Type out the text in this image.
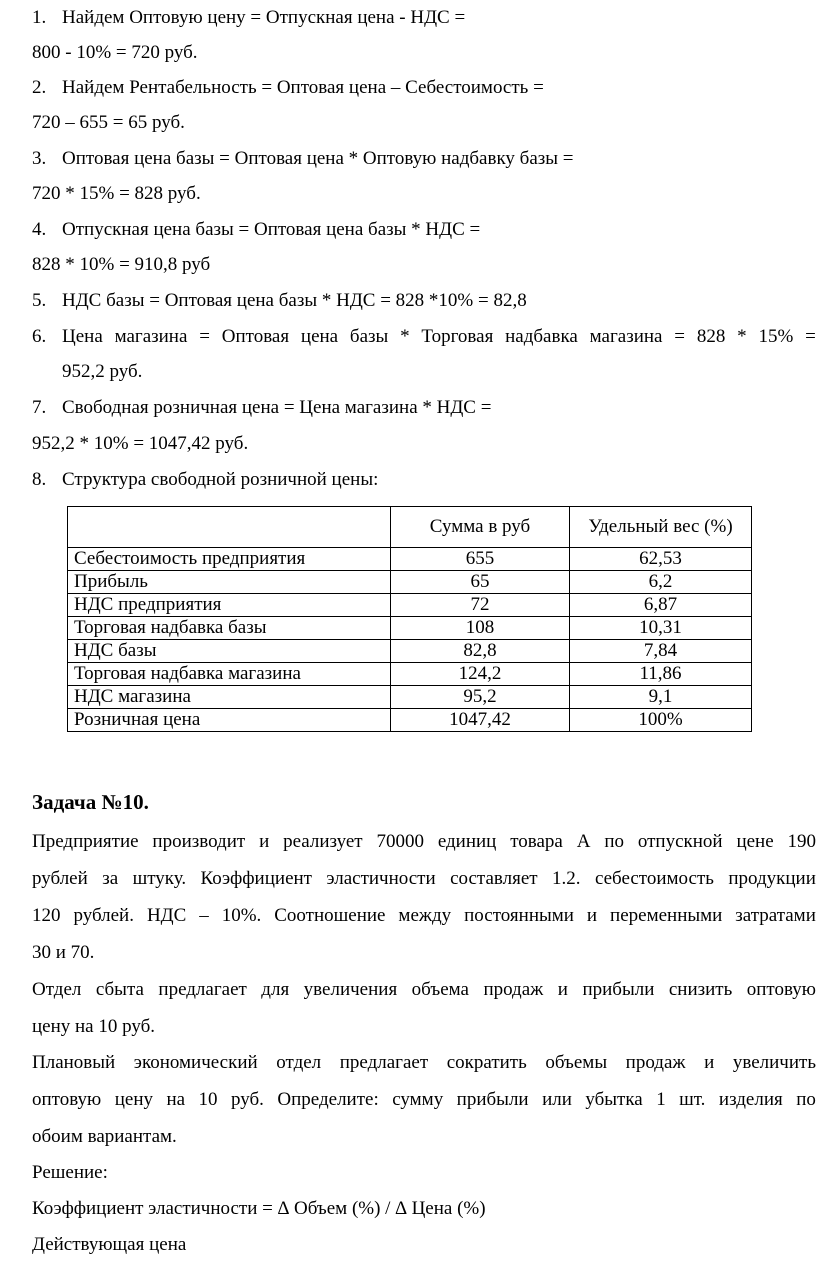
1. Найдем Оптовую цену = Отпускная цена - НДС =
800 - 10% = 720 руб.
2. Найдем Рентабельность = Оптовая цена – Себестоимость =
720 – 655 = 65 руб.
3. Оптовая цена базы = Оптовая цена * Оптовую надбавку базы =
720 * 15% = 828 руб.
4. Отпускная цена базы = Оптовая цена базы * НДС =
828 * 10% = 910,8 руб
5. НДС базы = Оптовая цена базы * НДС = 828 *10% = 82,8
6. Цена магазина = Оптовая цена базы * Торговая надбавка магазина = 828 * 15% =
952,2 руб.
7. Свободная розничная цена = Цена магазина * НДС =
952,2 * 10% = 1047,42 руб.
8. Структура свободной розничной цены:
	Сумма в руб	Удельный вес (%)
Себестоимость предприятия	655	62,53
Прибыль	65	6,2
НДС предприятия	72	6,87
Торговая надбавка базы	108	10,31
НДС базы	82,8	7,84
Торговая надбавка магазина	124,2	11,86
НДС магазина	95,2	9,1
Розничная цена	1047,42	100%
Задача №10.
Предприятие производит и реализует 70000 единиц товара А по отпускной цене 190
рублей за штуку. Коэффициент эластичности составляет 1.2. себестоимость продукции
120 рублей. НДС – 10%. Соотношение между постоянными и переменными затратами
30 и 70.
Отдел сбыта предлагает для увеличения объема продаж и прибыли снизить оптовую
цену на 10 руб.
Плановый экономический отдел предлагает сократить объемы продаж и увеличить
оптовую цену на 10 руб. Определите: сумму прибыли или убытка 1 шт. изделия по
обоим вариантам.
Решение:
Коэффициент эластичности = ∆ Объем (%) / ∆ Цена (%)
Действующая цена
